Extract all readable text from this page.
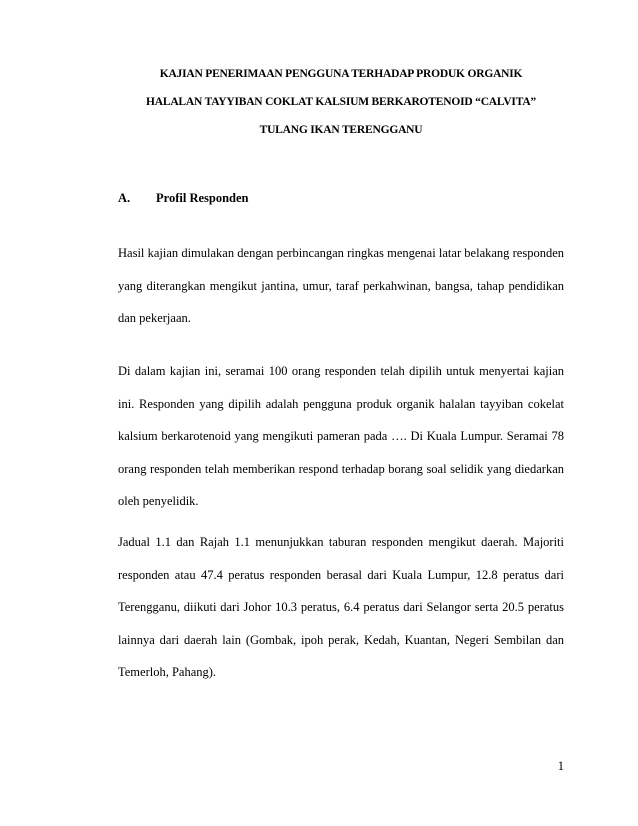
KAJIAN PENERIMAAN PENGGUNA TERHADAP PRODUK ORGANIK
HALALAN TAYYIBAN COKLAT KALSIUM BERKAROTENOID “CALVITA”
TULANG IKAN TERENGGANU
A. Profil Responden

Hasil kajian dimulakan dengan perbincangan ringkas mengenai latar belakang responden yang diterangkan mengikut jantina, umur, taraf perkahwinan, bangsa, tahap pendidikan dan pekerjaan.

Di dalam kajian ini, seramai 100 orang responden telah dipilih untuk menyertai kajian ini. Responden yang dipilih adalah pengguna produk organik halalan tayyiban cokelat kalsium berkarotenoid yang mengikuti pameran pada …. Di Kuala Lumpur. Seramai 78 orang responden telah memberikan respond terhadap borang soal selidik yang diedarkan oleh penyelidik.

Jadual 1.1 dan Rajah 1.1 menunjukkan taburan responden mengikut daerah. Majoriti responden atau 47.4 peratus responden berasal dari Kuala Lumpur, 12.8 peratus dari Terengganu, diikuti dari Johor 10.3 peratus, 6.4 peratus dari Selangor serta 20.5 peratus lainnya dari daerah lain (Gombak, ipoh perak, Kedah, Kuantan, Negeri Sembilan dan Temerloh, Pahang).

1
